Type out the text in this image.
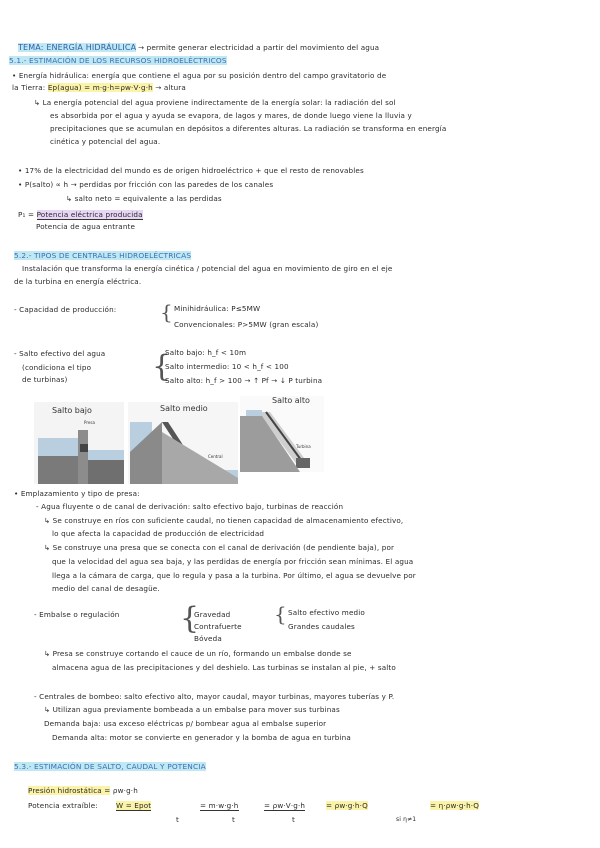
TEMA: ENERGÍA HIDRÁULICA → permite generar electricidad a partir del movimiento del agua
5.1.- ESTIMACIÓN DE LOS RECURSOS HIDROELÉCTRICOS
• Energía hidráulica: energía que contiene el agua por su posición dentro del campo gravitatorio de
la Tierra: Ep(agua) = m·g·h=ρw·V·g·h → altura
↳ La energía potencial del agua proviene indirectamente de la energía solar: la radiación del sol
es absorbida por el agua y ayuda se evapora, de lagos y mares, de donde luego viene la lluvia y
precipitaciones que se acumulan en depósitos a diferentes alturas. La radiación se transforma en energía
cinética y potencial del agua.
• 17% de la electricidad del mundo es de origen hidroeléctrico + que el resto de renovables
• P(salto) ∝ h → perdidas por fricción con las paredes de los canales
↳ salto neto = equivalente a las perdidas
P₁ = Potencia eléctrica producida
Potencia de agua entrante
5.2.- TIPOS DE CENTRALES HIDROELÉCTRICAS
Instalación que transforma la energía cinética / potencial del agua en movimiento de giro en el eje
de la turbina en energía eléctrica.
- Capacidad de producción: { Minihidráulica: P≤5MW
Convencionales: P>5MW (gran escala)
- Salto efectivo del agua
(condiciona el tipo
de turbinas)	{
Salto bajo: h_f < 10m
Salto intermedio: 10 < h_f < 100
Salto alto: h_f > 100 → ↑ Pf → ↓ P turbina
Salto bajo
Presa
Salto medio
Central
Salto alto
Turbina
• Emplazamiento y tipo de presa:
- Agua fluyente o de canal de derivación: salto efectivo bajo, turbinas de reacción
↳ Se construye en ríos con suficiente caudal, no tienen capacidad de almacenamiento efectivo,
lo que afecta la capacidad de producción de electricidad
↳ Se construye una presa que se conecta con el canal de derivación (de pendiente baja), por
que la velocidad del agua sea baja, y las perdidas de energía por fricción sean mínimas. El agua
llega a la cámara de carga, que lo regula y pasa a la turbina. Por último, el agua se devuelve por
medio del canal de desagüe.
- Embalse o regulación {
Gravedad
Contrafuerte
Bóveda
{ Salto efectivo medio
Grandes caudales
↳ Presa se construye cortando el cauce de un río, formando un embalse donde se
almacena agua de las precipitaciones y del deshielo. Las turbinas se instalan al pie, + salto
- Centrales de bombeo: salto efectivo alto, mayor caudal, mayor turbinas, mayores tuberías y P.
↳ Utilizan agua previamente bombeada a un embalse para mover sus turbinas
Demanda baja: usa exceso eléctricas p/ bombear agua al embalse superior
Demanda alta: motor se convierte en generador y la bomba de agua en turbina
5.3.- ESTIMACIÓN DE SALTO, CAUDAL Y POTENCIA
Presión hidrostática = ρw·g·h
Potencia extraíble:	W = Epot
t
= m·w·g·h
t
= ρw·V·g·h
t
= ρw·g·h·Q	= η·ρw·g·h·Q
si η≠1
